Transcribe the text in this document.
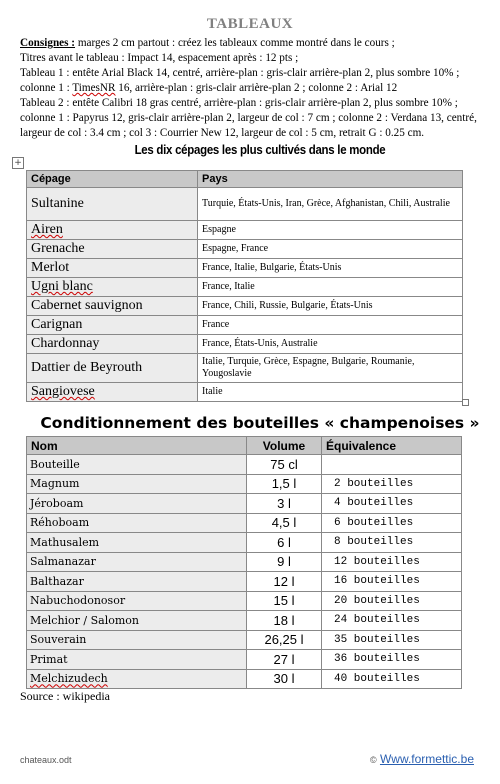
TABLEAUX

Consignes : marges 2 cm partout : créez les tableaux comme montré dans le cours ;

Titres avant le tableau : Impact 14, espacement après : 12 pts ;

Tableau 1 : entête Arial Black 14, centré, arrière-plan : gris-clair arrière-plan 2, plus sombre 10% ; colonne 1 : TimesNR 16, arrière-plan : gris-clair arrière-plan 2 ; colonne 2 : Arial 12

Tableau 2 : entête Calibri 18 gras centré, arrière-plan : gris-clair arrière-plan 2, plus sombre 10% ; colonne 1 : Papyrus 12, gris-clair arrière-plan 2, largeur de col : 7 cm ; colonne 2 : Verdana 13, centré, largeur de col : 3.4 cm ; col 3 : Courrier New 12, largeur de col : 5 cm, retrait G : 0.25 cm.

Les dix cépages les plus cultivés dans le monde
+
Cépage	Pays
Sultanine	Turquie, États-Unis, Iran, Grèce, Afghanistan, Chili, Australie
Airen	Espagne
Grenache	Espagne, France
Merlot	France, Italie, Bulgarie, États-Unis
Ugni blanc	France, Italie
Cabernet sauvignon	France, Chili, Russie, Bulgarie, États-Unis
Carignan	France
Chardonnay	France, États-Unis, Australie
Dattier de Beyrouth	Italie, Turquie, Grèce, Espagne, Bulgarie, Roumanie, Yougoslavie
Sangiovese	Italie
Conditionnement des bouteilles « champenoises »
Nom	Volume	Équivalence
Bouteille	75 cl	
Magnum	1,5 l	2 bouteilles
Jéroboam	3 l	4 bouteilles
Réhoboam	4,5 l	6 bouteilles
Mathusalem	6 l	8 bouteilles
Salmanazar	9 l	12 bouteilles
Balthazar	12 l	16 bouteilles
Nabuchodonosor	15 l	20 bouteilles
Melchior / Salomon	18 l	24 bouteilles
Souverain	26,25 l	35 bouteilles
Primat	27 l	36 bouteilles
Melchizudech	30 l	40 bouteilles
Source : wikipedia
chateaux.odt	© Www.formettic.be
